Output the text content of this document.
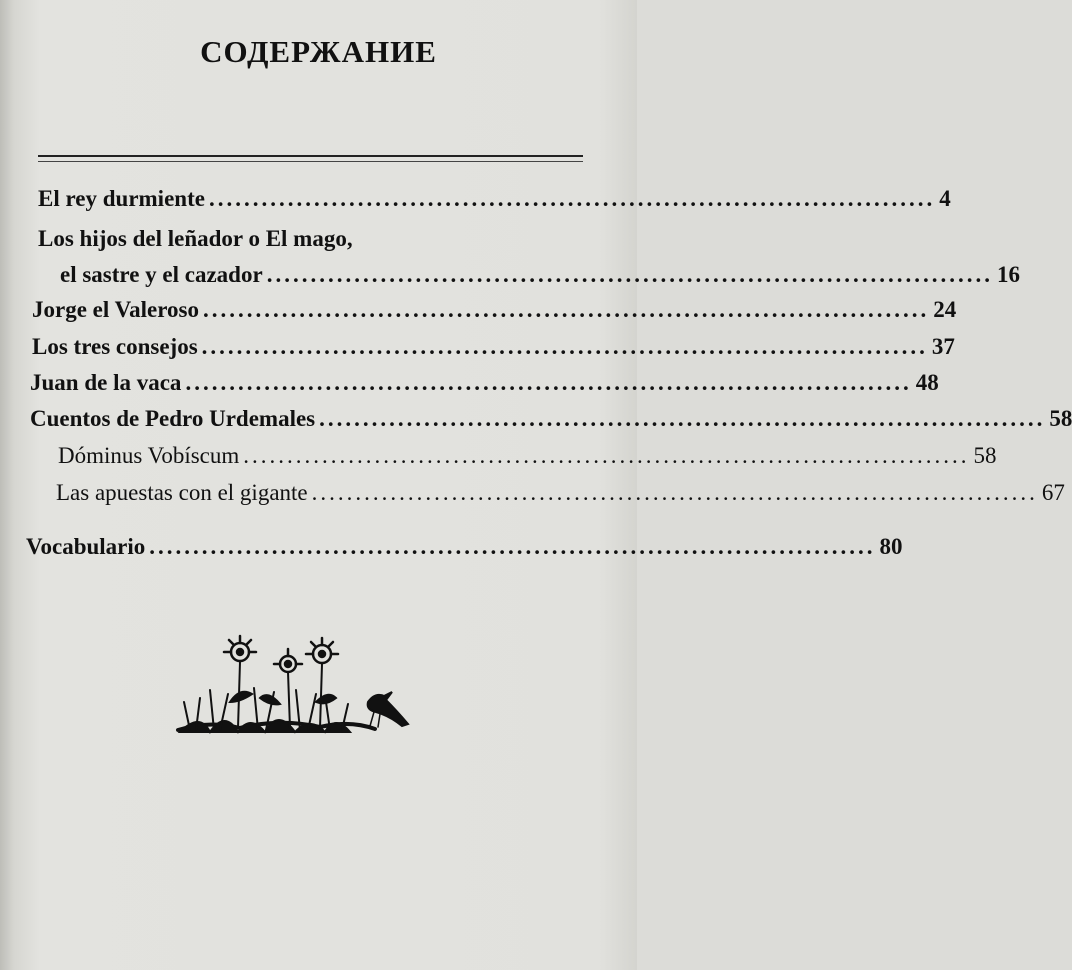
СОДЕРЖАНИЕ
El rey durmiente ................................................................................... 4
Los hijos del leñador o El mago,
el sastre y el cazador ................................................................................... 16
Jorge el Valeroso ................................................................................... 24
Los tres consejos ................................................................................... 37
Juan de la vaca ................................................................................... 48
Cuentos de Pedro Urdemales ................................................................................... 58
Dóminus Vobíscum ................................................................................... 58
Las apuestas con el gigante ................................................................................... 67
Vocabulario ................................................................................... 80
